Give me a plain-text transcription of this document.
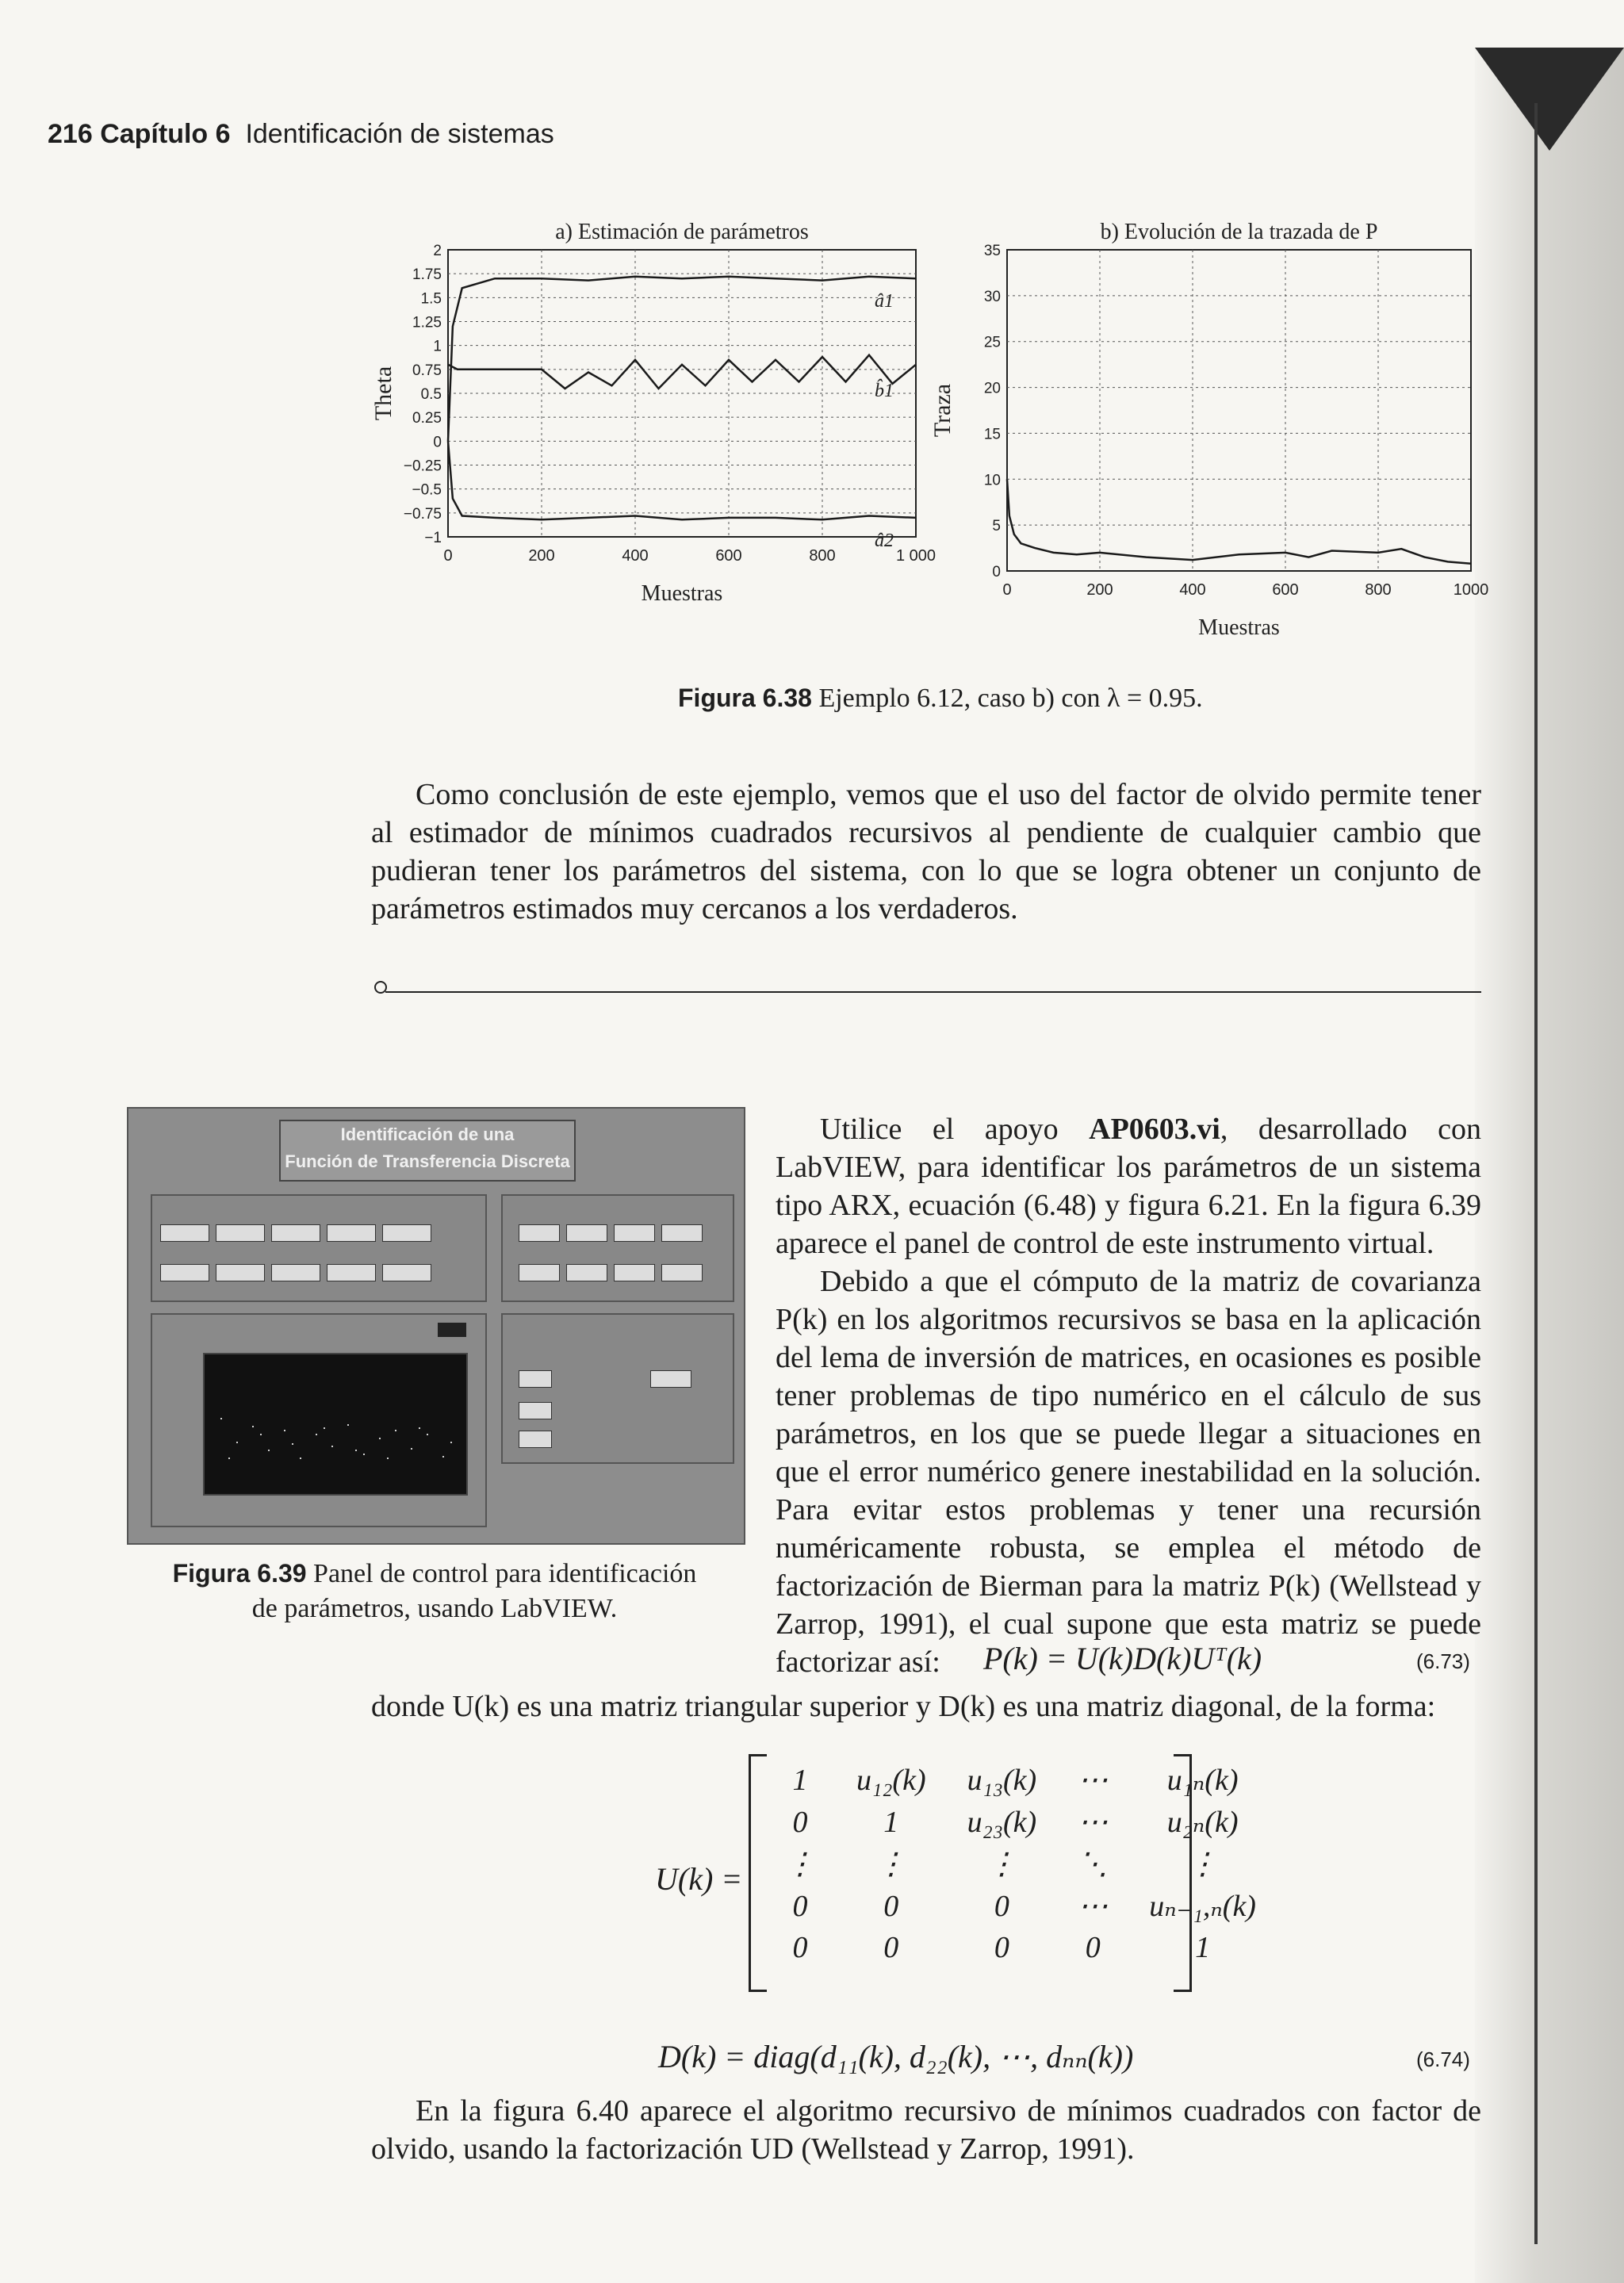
216 Capítulo 6 Identificación de sistemas
0	200	400	600	800	1 000
2
1.75
1.5
1.25
1
0.75
0.5
0.25
0
−0.25
−0.5
−0.75
−1
a) Estimación de parámetros
Muestras
Theta
â1
b̂1
â2
0	200	400	600	800	1000
35
30
25
20
15
10
5
0
b) Evolución de la trazada de P
Muestras
Traza
Figura 6.38 Ejemplo 6.12, caso b) con λ = 0.95.

Como conclusión de este ejemplo, vemos que el uso del factor de olvido permite tener al estimador de mínimos cuadrados recursivos al pendiente de cualquier cambio que pudieran tener los parámetros del sistema, con lo que se logra obtener un conjunto de parámetros estimados muy cercanos a los verdaderos.

Identificación de una
Función de Transferencia Discreta
Figura 6.39 Panel de control para identificación
de parámetros, usando LabVIEW.

Utilice el apoyo AP0603.vi, desarrollado con LabVIEW, para identificar los parámetros de un sistema tipo ARX, ecuación (6.48) y figura 6.21. En la figura 6.39 aparece el panel de control de este instrumento virtual.

Debido a que el cómputo de la matriz de covarianza P(k) en los algoritmos recursivos se basa en la aplicación del lema de inversión de matrices, en ocasiones es posible tener problemas de tipo numérico en el cálculo de sus parámetros, en los que se puede llegar a situaciones en que el error numérico genere inestabilidad en la solución. Para evitar estos problemas y tener una recursión numéricamente robusta, se emplea el método de factorización de Bierman para la matriz P(k) (Wellstead y Zarrop, 1991), el cual supone que esta matriz se puede factorizar así:	P(k) = U(k)D(k)Uᵀ(k)	(6.73)

donde U(k) es una matriz triangular superior y D(k) es una matriz diagonal, de la forma:

U(k) =
1	u₁₂(k)	u₁₃(k)	⋯	u₁ₙ(k)
0	1	u₂₃(k)	⋯	u₂ₙ(k)
⋮	⋮	⋮	⋱	⋮
0	0	0	⋯	uₙ₋₁,ₙ(k)
0	0	0	0	1
D(k) = diag(d₁₁(k), d₂₂(k), ⋯, dₙₙ(k))	(6.74)

En la figura 6.40 aparece el algoritmo recursivo de mínimos cuadrados con factor de olvido, usando la factorización UD (Wellstead y Zarrop, 1991).
